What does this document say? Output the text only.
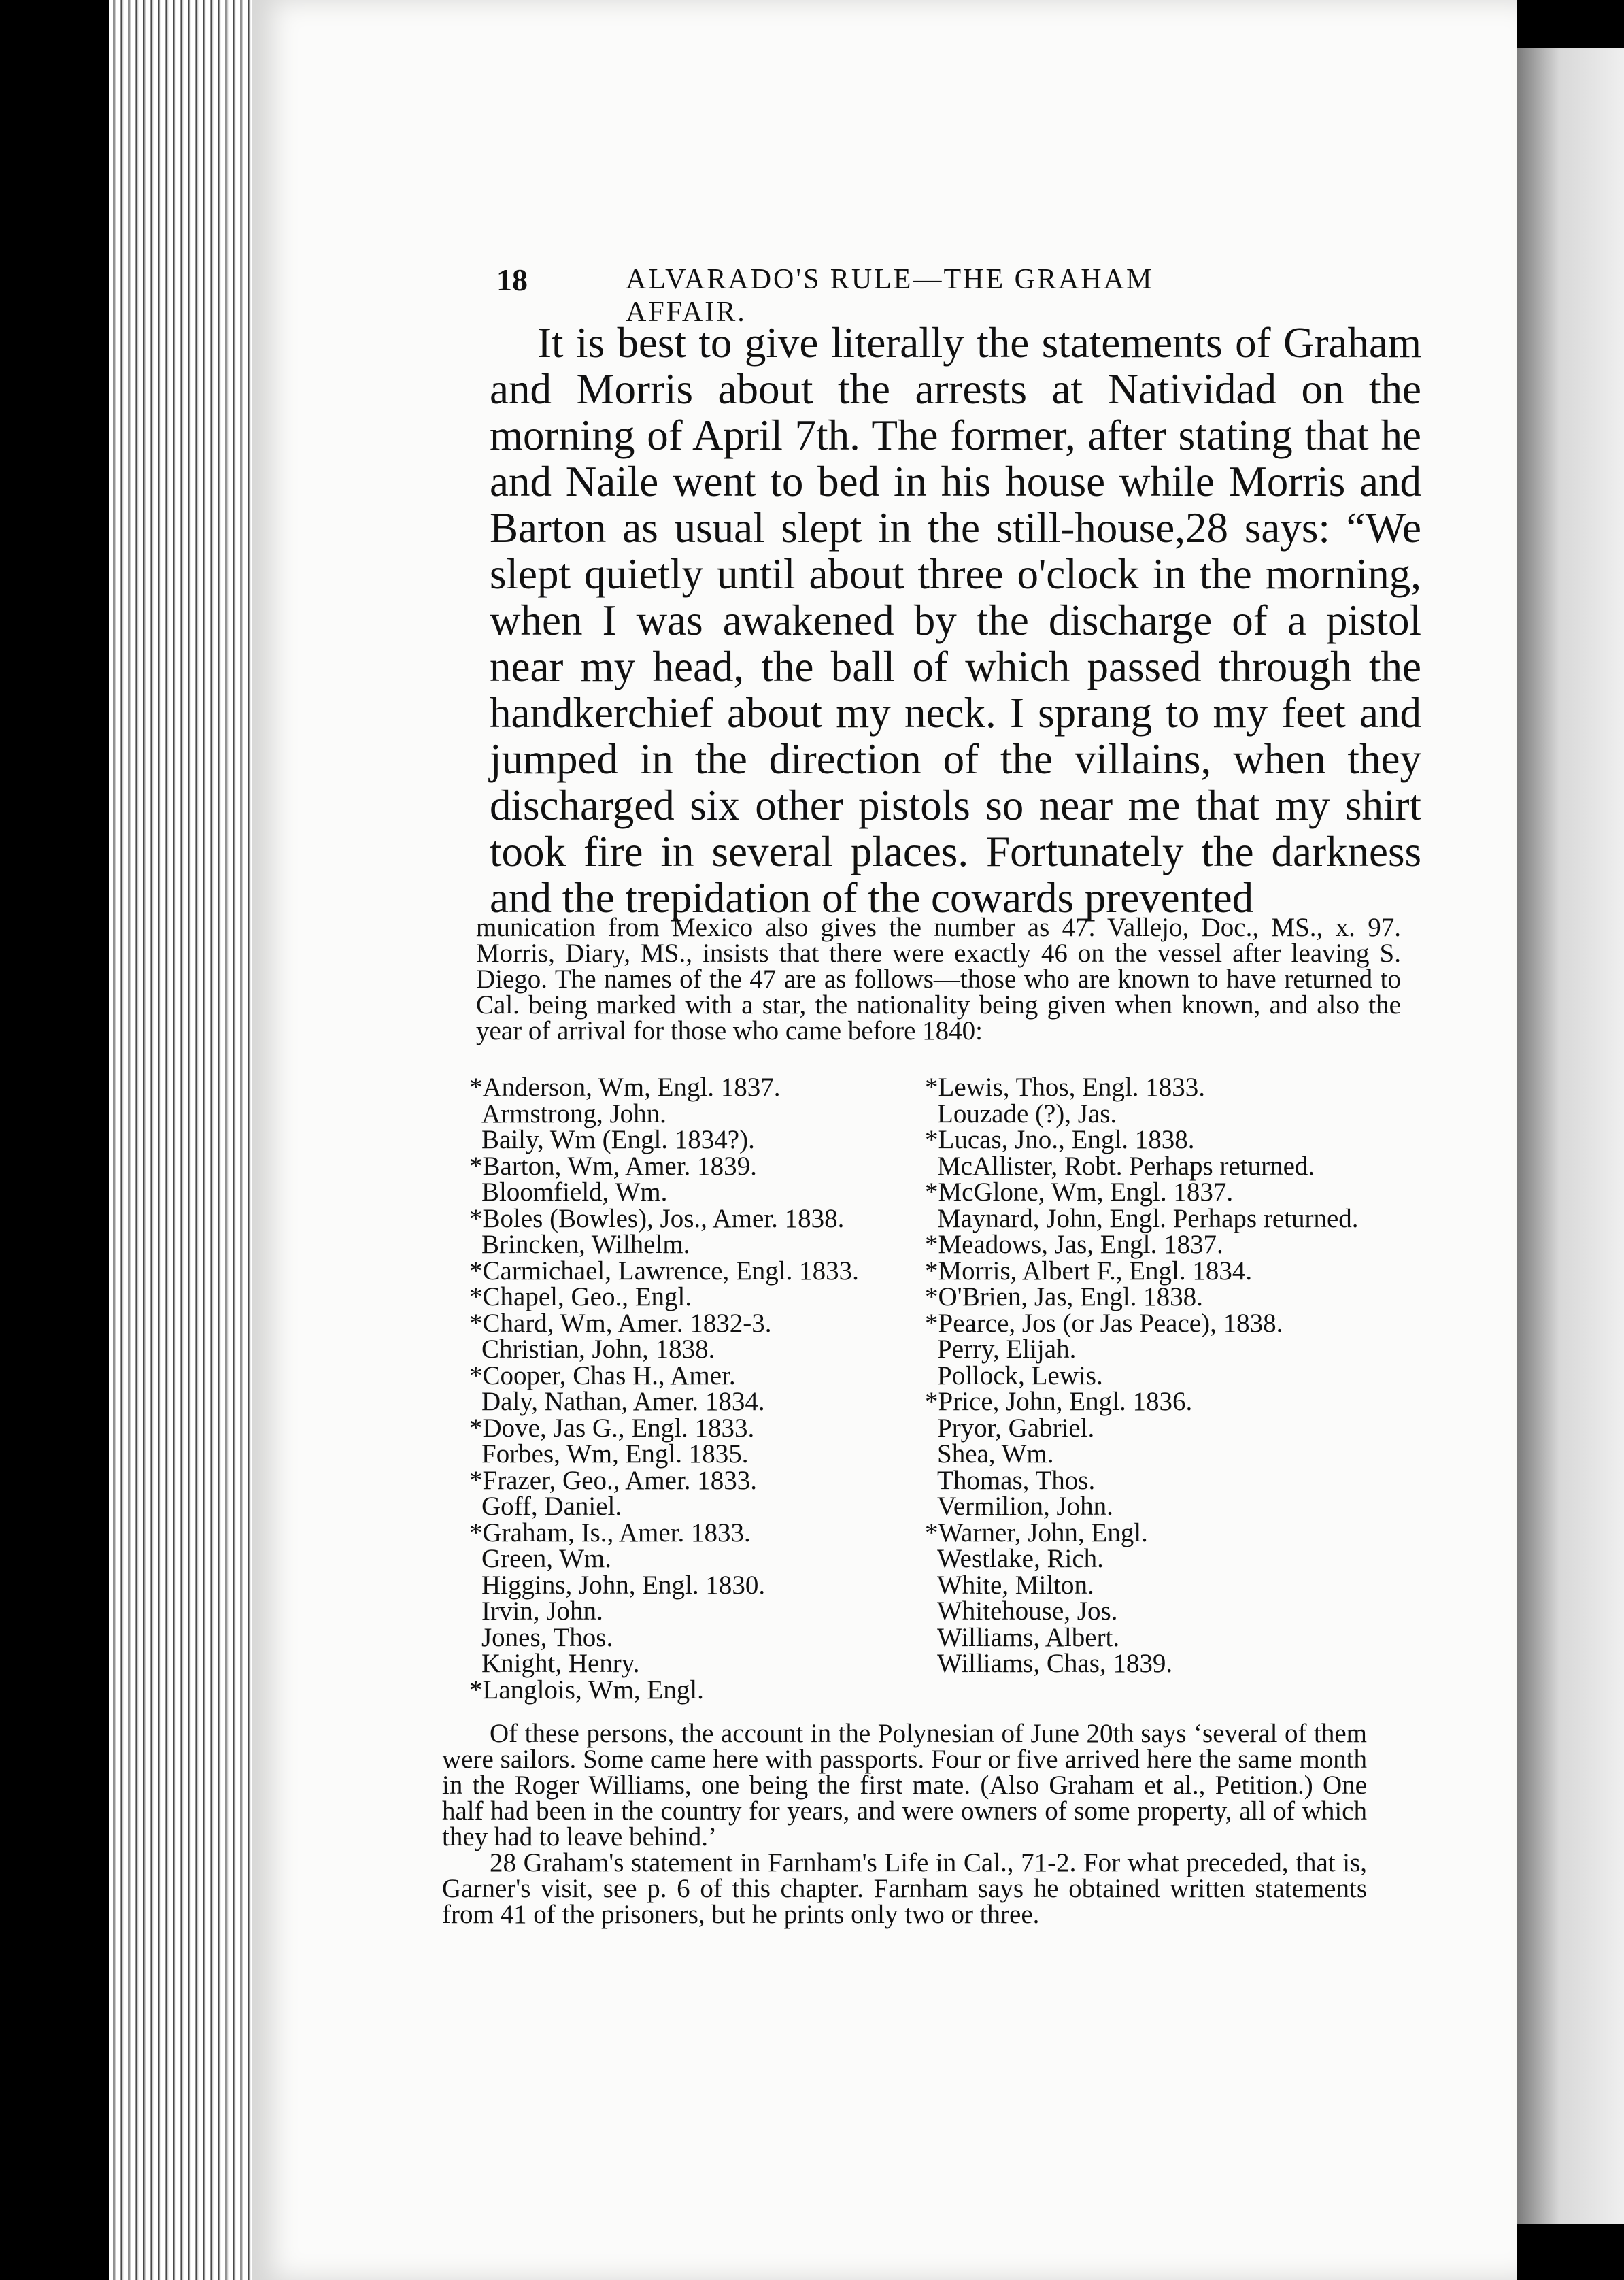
18	ALVARADO'S RULE—THE GRAHAM AFFAIR.

It is best to give literally the statements of Graham and Morris about the arrests at Natividad on the morning of April 7th. The former, after stating that he and Naile went to bed in his house while Morris and Barton as usual slept in the still-house,28 says: “We slept quietly until about three o'clock in the morning, when I was awakened by the discharge of a pistol near my head, the ball of which passed through the handkerchief about my neck. I sprang to my feet and jumped in the direction of the villains, when they discharged six other pistols so near me that my shirt took fire in several places. Fortunately the darkness and the trepidation of the cowards prevented

munication from Mexico also gives the number as 47. Vallejo, Doc., MS., x. 97. Morris, Diary, MS., insists that there were exactly 46 on the vessel after leaving S. Diego. The names of the 47 are as follows—those who are known to have returned to Cal. being marked with a star, the nationality being given when known, and also the year of arrival for those who came before 1840:

*Anderson, Wm, Engl. 1837.
Armstrong, John.
Baily, Wm (Engl. 1834?).
*Barton, Wm, Amer. 1839.
Bloomfield, Wm.
*Boles (Bowles), Jos., Amer. 1838.
Brincken, Wilhelm.
*Carmichael, Lawrence, Engl. 1833.
*Chapel, Geo., Engl.
*Chard, Wm, Amer. 1832-3.
Christian, John, 1838.
*Cooper, Chas H., Amer.
Daly, Nathan, Amer. 1834.
*Dove, Jas G., Engl. 1833.
Forbes, Wm, Engl. 1835.
*Frazer, Geo., Amer. 1833.
Goff, Daniel.
*Graham, Is., Amer. 1833.
Green, Wm.
Higgins, John, Engl. 1830.
Irvin, John.
Jones, Thos.
Knight, Henry.
*Langlois, Wm, Engl.
*Lewis, Thos, Engl. 1833.
Louzade (?), Jas.
*Lucas, Jno., Engl. 1838.
McAllister, Robt. Perhaps returned.
*McGlone, Wm, Engl. 1837.
Maynard, John, Engl. Perhaps returned.
*Meadows, Jas, Engl. 1837.
*Morris, Albert F., Engl. 1834.
*O'Brien, Jas, Engl. 1838.
*Pearce, Jos (or Jas Peace), 1838.
Perry, Elijah.
Pollock, Lewis.
*Price, John, Engl. 1836.
Pryor, Gabriel.
Shea, Wm.
Thomas, Thos.
Vermilion, John.
*Warner, John, Engl.
Westlake, Rich.
White, Milton.
Whitehouse, Jos.
Williams, Albert.
Williams, Chas, 1839.

Of these persons, the account in the Polynesian of June 20th says ‘several of them were sailors. Some came here with passports. Four or five arrived here the same month in the Roger Williams, one being the first mate. (Also Graham et al., Petition.) One half had been in the country for years, and were owners of some property, all of which they had to leave behind.’

28 Graham's statement in Farnham's Life in Cal., 71-2. For what preceded, that is, Garner's visit, see p. 6 of this chapter. Farnham says he obtained written statements from 41 of the prisoners, but he prints only two or three.
